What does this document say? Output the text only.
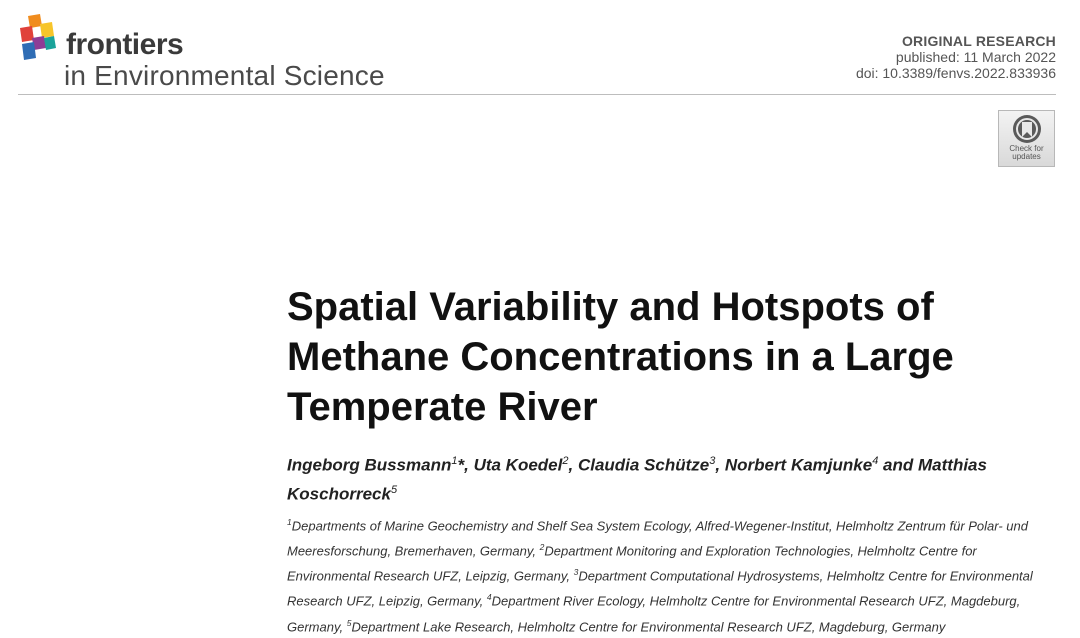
frontiers
in Environmental Science
ORIGINAL RESEARCH
published: 11 March 2022
doi: 10.3389/fenvs.2022.833936
Check for updates
Spatial Variability and Hotspots of Methane Concentrations in a Large Temperate River
Ingeborg Bussmann$^1$*, Uta Koedel$^2$, Claudia Schütze$^3$, Norbert Kamjunke$^4$ and Matthias Koschorreck$^5$
$^1$Departments of Marine Geochemistry and Shelf Sea System Ecology, Alfred-Wegener-Institut, Helmholtz Zentrum für Polar- und Meeresforschung, Bremerhaven, Germany, $^2$Department Monitoring and Exploration Technologies, Helmholtz Centre for Environmental Research UFZ, Leipzig, Germany, $^3$Department Computational Hydrosystems, Helmholtz Centre for Environmental Research UFZ, Leipzig, Germany, $^4$Department River Ecology, Helmholtz Centre for Environmental Research UFZ, Magdeburg, Germany, $^5$Department Lake Research, Helmholtz Centre for Environmental Research UFZ, Magdeburg, Germany
